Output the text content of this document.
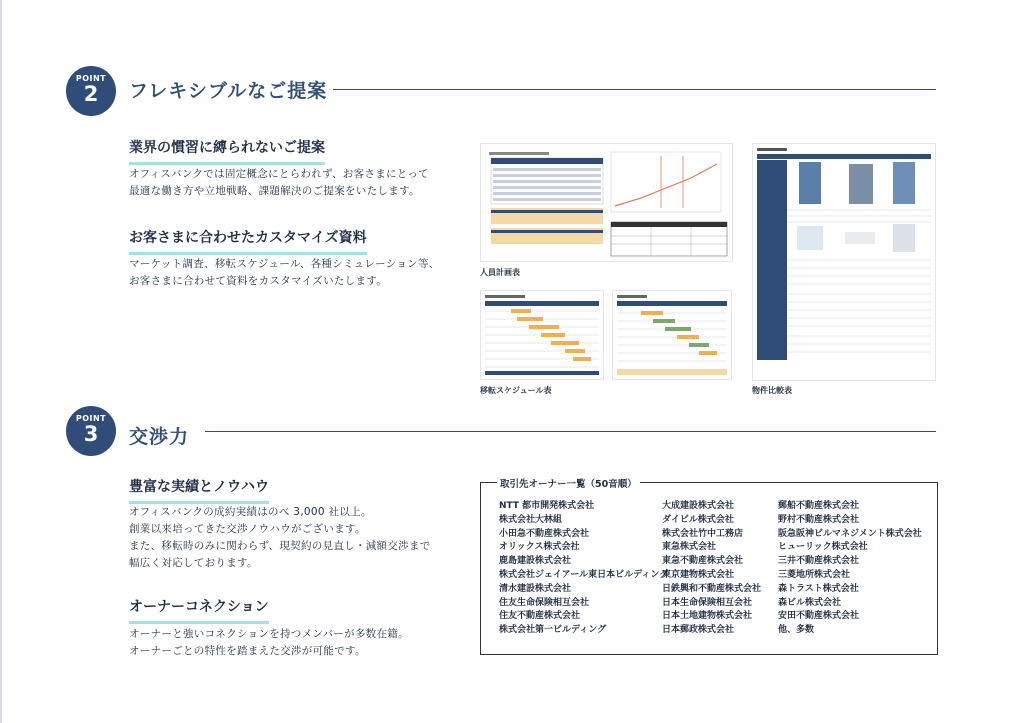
POINT
2	フレキシブルなご提案
業界の慣習に縛られないご提案
オフィスバンクでは固定概念にとらわれず、お客さまにとって
最適な働き方や立地戦略、課題解決のご提案をいたします。
お客さまに合わせたカスタマイズ資料
マーケット調査、移転スケジュール、各種シミュレーション等、
お客さまに合わせて資料をカスタマイズいたします。
人員計画表
移転スケジュール表	物件比較表
POINT
3	交渉力
豊富な実績とノウハウ
オフィスバンクの成約実績はのべ 3,000 社以上。
創業以来培ってきた交渉ノウハウがございます。
また、移転時のみに関わらず、現契約の見直し・減額交渉まで
幅広く対応しております。
オーナーコネクション
オーナーと強いコネクションを持つメンバーが多数在籍。
オーナーごとの特性を踏まえた交渉が可能です。
取引先オーナー一覧（50音順）
NTT 都市開発株式会社
株式会社大林組
小田急不動産株式会社
オリックス株式会社
鹿島建設株式会社
株式会社ジェイアール東日本ビルディング
清水建設株式会社
住友生命保険相互会社
住友不動産株式会社
株式会社第一ビルディング
大成建設株式会社
ダイビル株式会社
株式会社竹中工務店
東急株式会社
東急不動産株式会社
東京建物株式会社
日鉄興和不動産株式会社
日本生命保険相互会社
日本土地建物株式会社
日本郵政株式会社
郵船不動産株式会社
野村不動産株式会社
阪急阪神ビルマネジメント株式会社
ヒューリック株式会社
三井不動産株式会社
三菱地所株式会社
森トラスト株式会社
森ビル株式会社
安田不動産株式会社
他、多数
